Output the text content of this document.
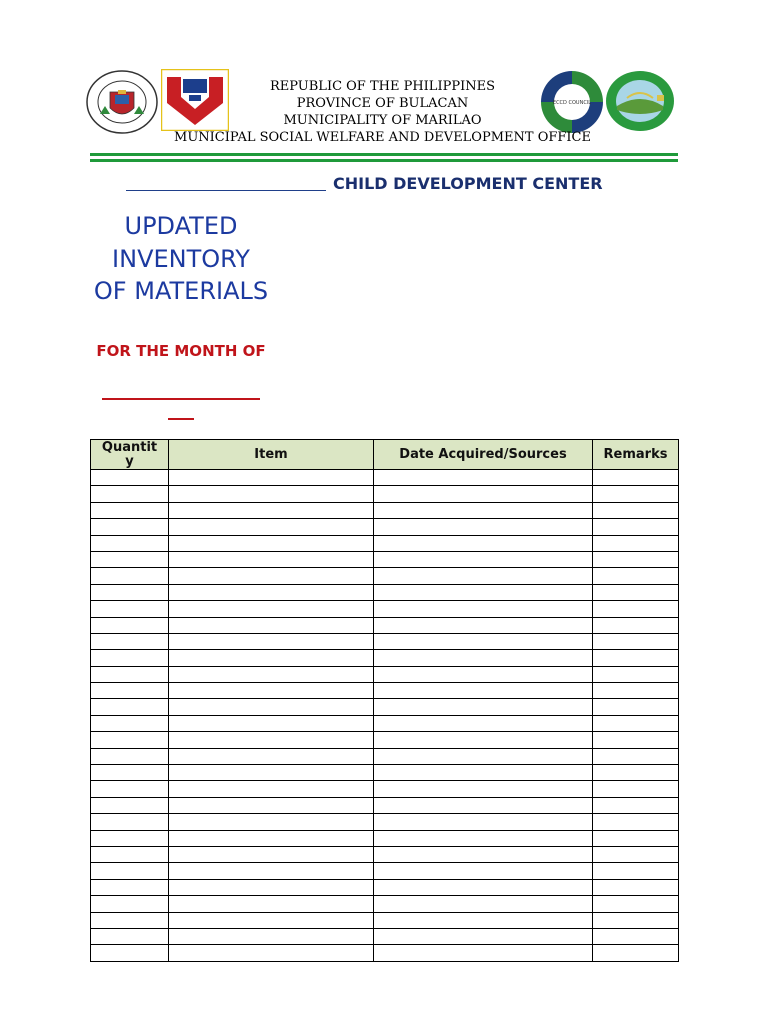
ECCD COUNCIL
REPUBLIC OF THE PHILIPPINES
PROVINCE OF BULACAN
MUNICIPALITY OF MARILAO
MUNICIPAL SOCIAL WELFARE AND DEVELOPMENT OFFICE
CHILD DEVELOPMENT CENTER
UPDATED INVENTORY OF MATERIALS
FOR THE MONTH OF
Quantity	Item	Date Acquired/Sources	Remarks
